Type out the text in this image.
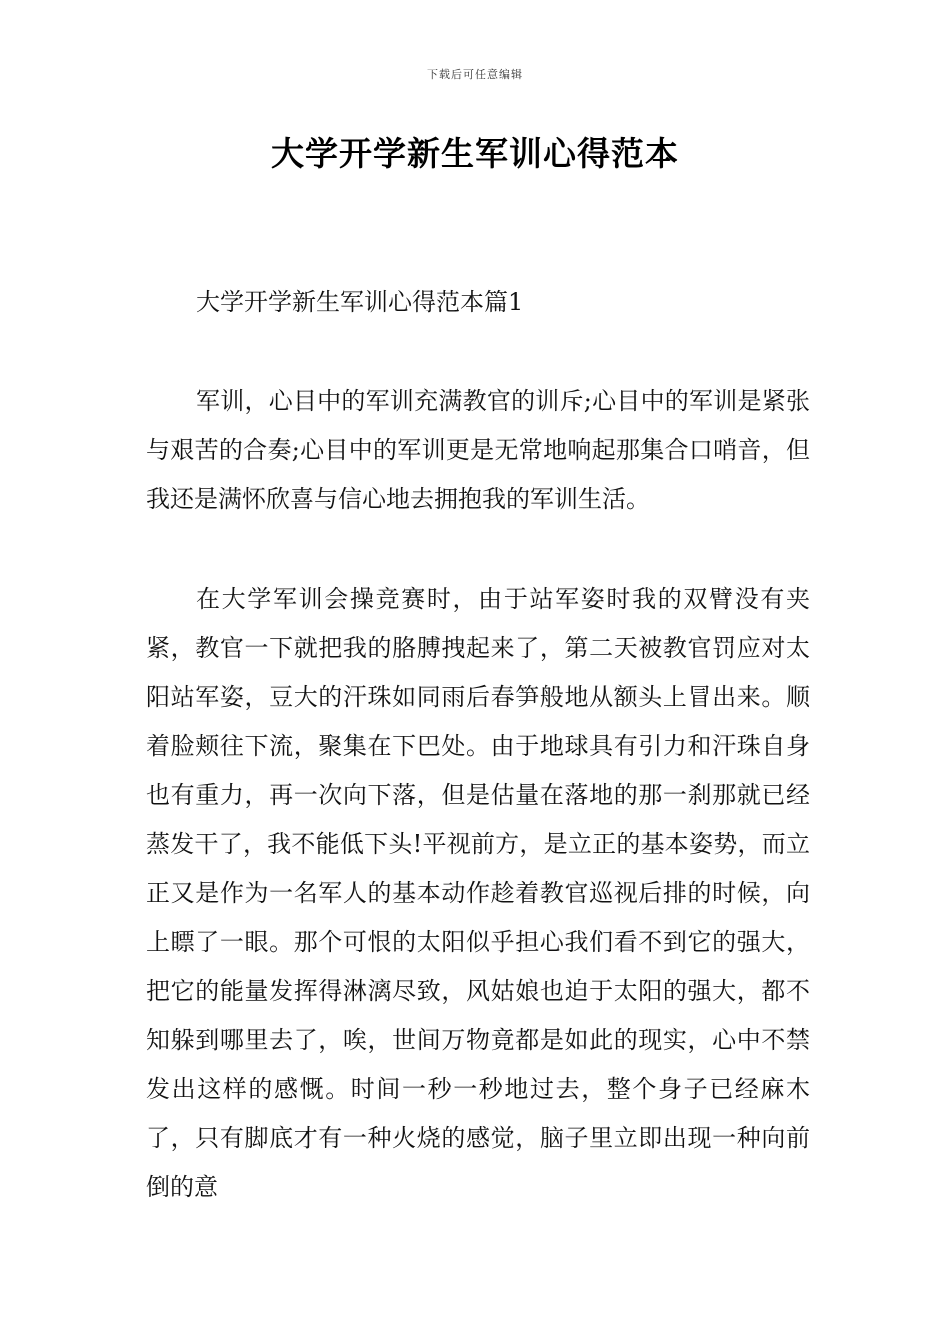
下载后可任意编辑
大学开学新生军训心得范本
大学开学新生军训心得范本篇1

军训，心目中的军训充满教官的训斥;心目中的军训是紧张与艰苦的合奏;心目中的军训更是无常地响起那集合口哨音，但我还是满怀欣喜与信心地去拥抱我的军训生活。

在大学军训会操竞赛时，由于站军姿时我的双臂没有夹紧，教官一下就把我的胳膊拽起来了，第二天被教官罚应对太阳站军姿，豆大的汗珠如同雨后春笋般地从额头上冒出来。顺着脸颊往下流，聚集在下巴处。由于地球具有引力和汗珠自身也有重力，再一次向下落，但是估量在落地的那一刹那就已经蒸发干了，我不能低下头!平视前方，是立正的基本姿势，而立正又是作为一名军人的基本动作趁着教官巡视后排的时候，向上瞟了一眼。那个可恨的太阳似乎担心我们看不到它的强大，把它的能量发挥得淋漓尽致，风姑娘也迫于太阳的强大，都不知躲到哪里去了，唉，世间万物竟都是如此的现实，心中不禁发出这样的感慨。时间一秒一秒地过去，整个身子已经麻木了，只有脚底才有一种火烧的感觉，脑子里立即出现一种向前倒的意
